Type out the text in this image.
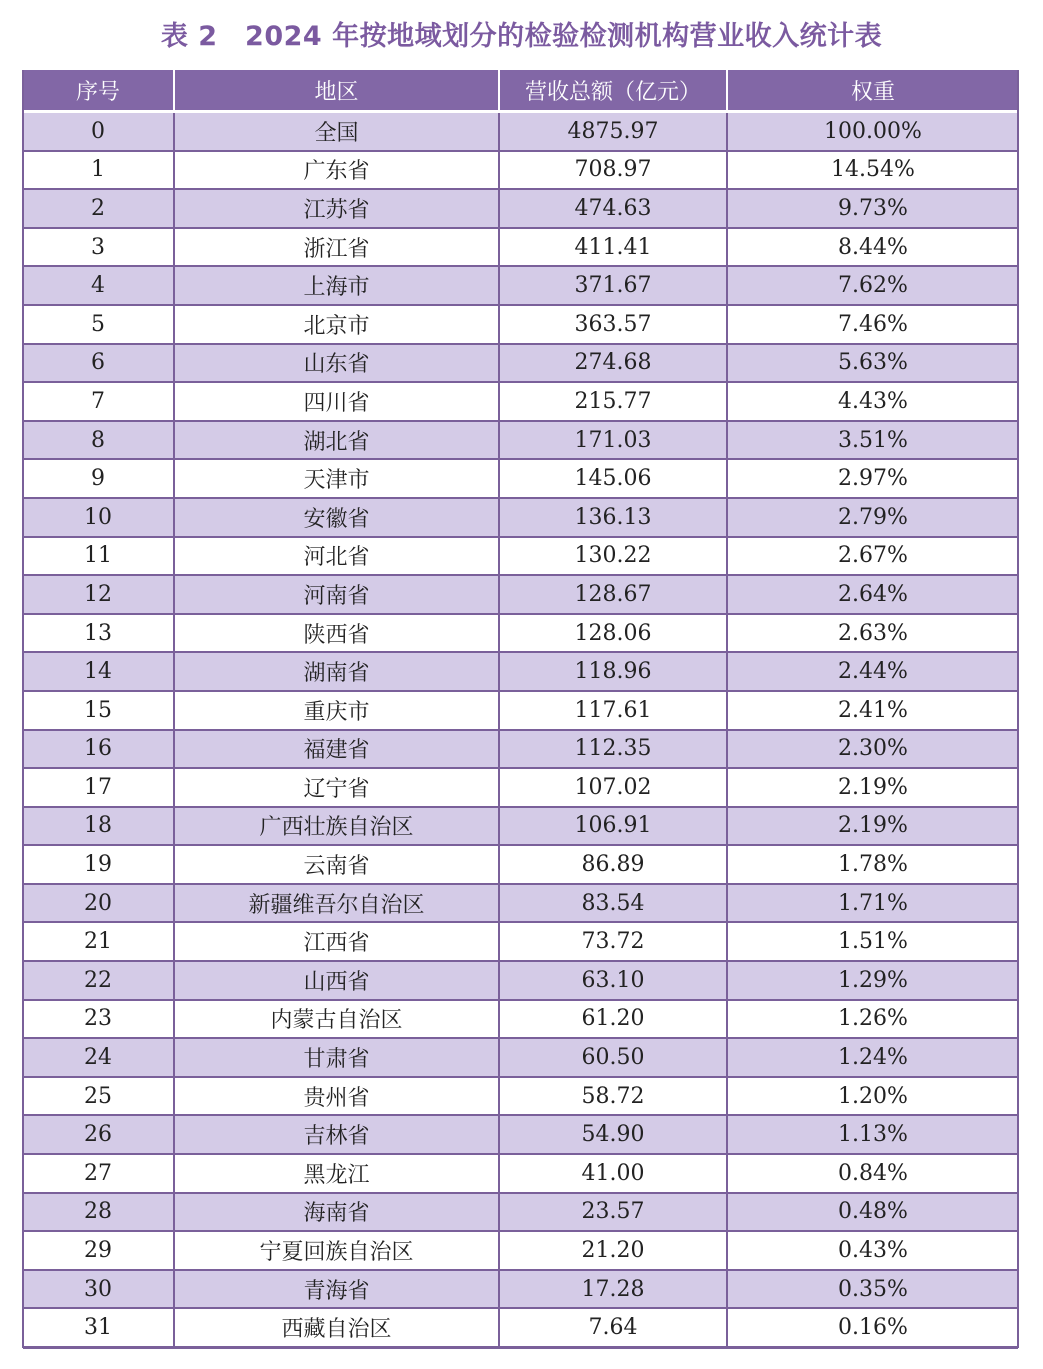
表 2　2024 年按地域划分的检验检测机构营业收入统计表
序号	地区	营收总额（亿元）	权重
0	全国	4875.97	100.00%
1	广东省	708.97	14.54%
2	江苏省	474.63	9.73%
3	浙江省	411.41	8.44%
4	上海市	371.67	7.62%
5	北京市	363.57	7.46%
6	山东省	274.68	5.63%
7	四川省	215.77	4.43%
8	湖北省	171.03	3.51%
9	天津市	145.06	2.97%
10	安徽省	136.13	2.79%
11	河北省	130.22	2.67%
12	河南省	128.67	2.64%
13	陕西省	128.06	2.63%
14	湖南省	118.96	2.44%
15	重庆市	117.61	2.41%
16	福建省	112.35	2.30%
17	辽宁省	107.02	2.19%
18	广西壮族自治区	106.91	2.19%
19	云南省	86.89	1.78%
20	新疆维吾尔自治区	83.54	1.71%
21	江西省	73.72	1.51%
22	山西省	63.10	1.29%
23	内蒙古自治区	61.20	1.26%
24	甘肃省	60.50	1.24%
25	贵州省	58.72	1.20%
26	吉林省	54.90	1.13%
27	黑龙江	41.00	0.84%
28	海南省	23.57	0.48%
29	宁夏回族自治区	21.20	0.43%
30	青海省	17.28	0.35%
31	西藏自治区	7.64	0.16%
